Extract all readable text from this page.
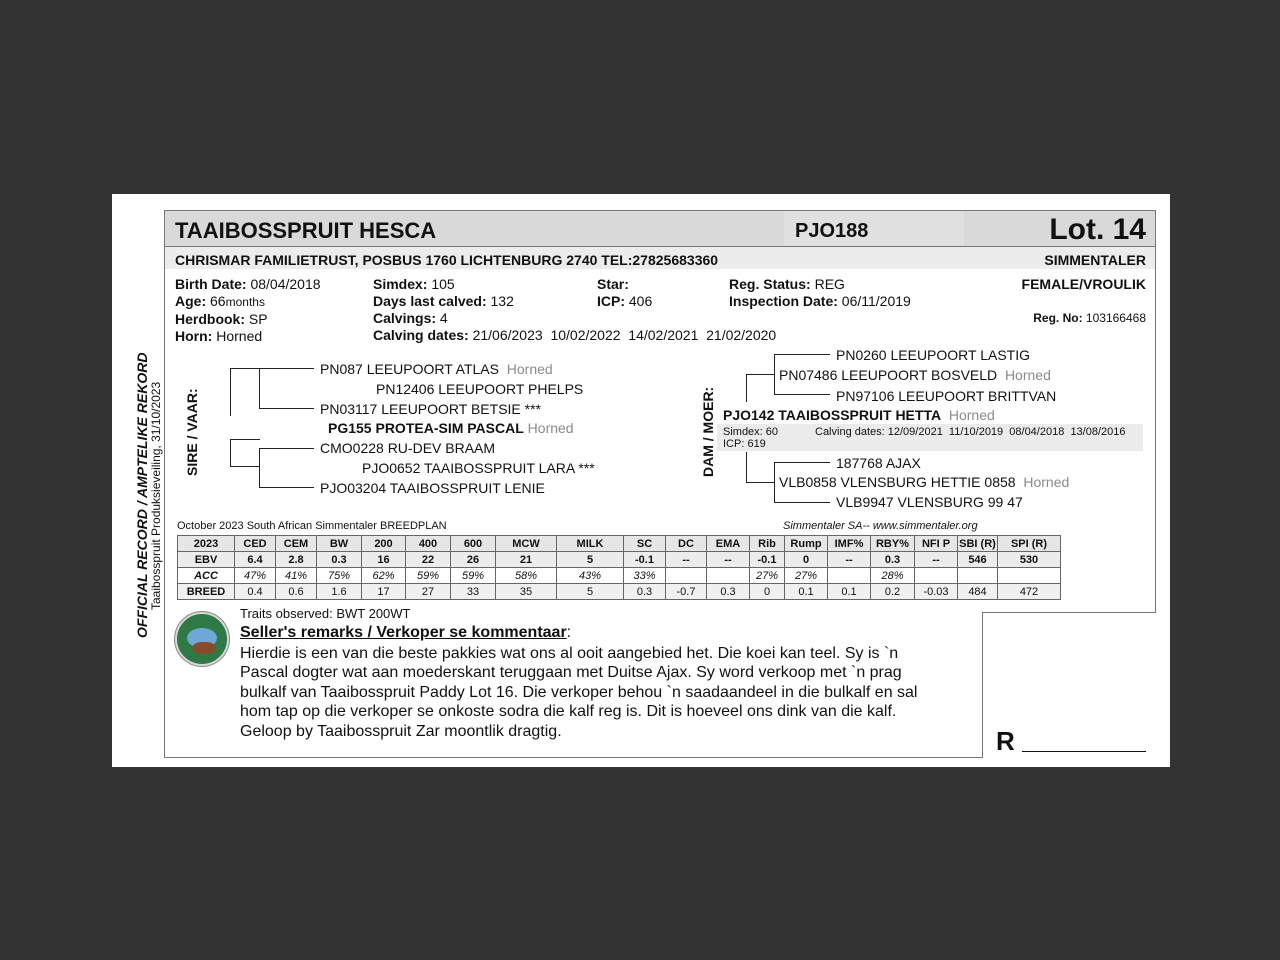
TAAIBOSSPRUIT HESCA	PJO188	Lot. 14
CHRISMAR FAMILIETRUST, POSBUS 1760 LICHTENBURG 2740 TEL:27825683360	SIMMENTALER
OFFICIAL RECORD / AMPTELIKE REKORD Taaibosspruit Produksieveiling, 31/10/2023
Birth Date: 08/04/2018
Age: 66months
Herdbook: SP
Horn: Horned
Simdex: 105
Days last calved: 132
Calvings: 4
Calving dates: 21/06/2023  10/02/2022  14/02/2021  21/02/2020
Star:
ICP: 406
Reg. Status: REG
Inspection Date: 06/11/2019
FEMALE/VROULIK
Reg. No: 103166468
SIRE / VAAR:
PN087 LEEUPOORT ATLAS Horned
PN12406 LEEUPOORT PHELPS
PN03117 LEEUPOORT BETSIE ***
PG155 PROTEA-SIM PASCAL Horned
CMO0228 RU-DEV BRAAM
PJO0652 TAAIBOSSPRUIT LARA ***
PJO03204 TAAIBOSSPRUIT LENIE
DAM / MOER:
PN0260 LEEUPOORT LASTIG
PN07486 LEEUPOORT BOSVELD Horned
PN97106 LEEUPOORT BRITTVAN
PJO142 TAAIBOSSPRUIT HETTA Horned
Simdex: 60
ICP: 619
Calving dates: 12/09/2021  11/10/2019  08/04/2018  13/08/2016
187768 AJAX
VLB0858 VLENSBURG HETTIE 0858 Horned
VLB9947 VLENSBURG 99 47
October 2023 South African Simmentaler BREEDPLAN	Simmentaler SA-- www.simmentaler.org
2023	CED	CEM	BW	200	400	600	MCW	MILK	SC	DC	EMA	Rib	Rump	IMF%	RBY%	NFI P	SBI (R)	SPI (R)
EBV	6.4	2.8	0.3	16	22	26	21	5	-0.1	--	--	-0.1	0	--	0.3	--	546	530
ACC	47%	41%	75%	62%	59%	59%	58%	43%	33%			27%	27%		28%			
BREED	0.4	0.6	1.6	17	27	33	35	5	0.3	-0.7	0.3	0	0.1	0.1	0.2	-0.03	484	472
Traits observed: BWT 200WT
Seller's remarks / Verkoper se kommentaar:
Hierdie is een van die beste pakkies wat ons al ooit aangebied het. Die koei kan teel. Sy is `n
Pascal dogter wat aan moederskant teruggaan met Duitse Ajax. Sy word verkoop met `n prag
bulkalf van Taaibosspruit Paddy Lot 16. Die verkoper behou `n saadaandeel in die bulkalf en sal
hom tap op die verkoper se onkoste sodra die kalf reg is. Dit is hoeveel ons dink van die kalf.
Geloop by Taaibosspruit Zar moontlik dragtig.	R
